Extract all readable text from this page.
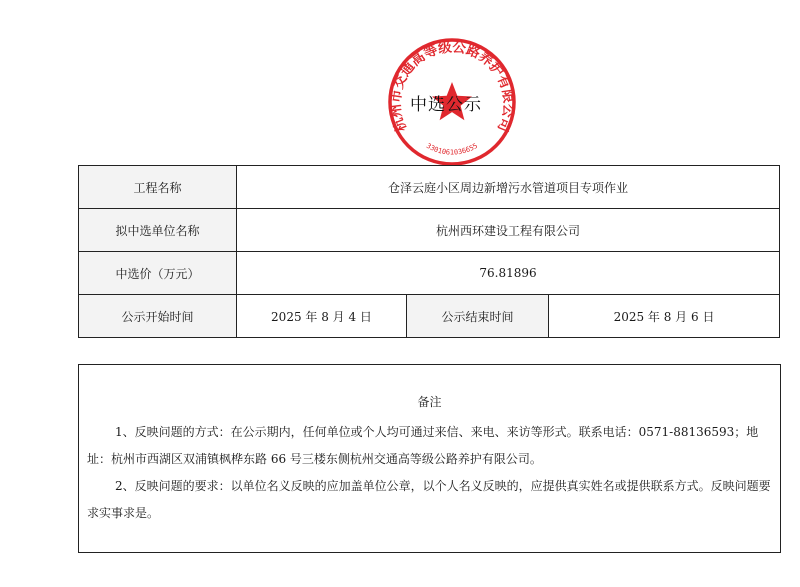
杭州市交通高等级公路养护有限公司
3301061036655
中选公示
工程名称	仓泽云庭小区周边新增污水管道项目专项作业		
拟中选单位名称	杭州西环建设工程有限公司		
中选价（万元）	76.81896		
公示开始时间	2025 年 8 月 4 日	公示结束时间	2025 年 8 月 6 日
备注

1、反映问题的方式：在公示期内，任何单位或个人均可通过来信、来电、来访等形式。联系电话：0571-88136593；地址：杭州市西湖区双浦镇枫桦东路 66 号三楼东侧杭州交通高等级公路养护有限公司。

2、反映问题的要求：以单位名义反映的应加盖单位公章，以个人名义反映的，应提供真实姓名或提供联系方式。反映问题要求实事求是。
